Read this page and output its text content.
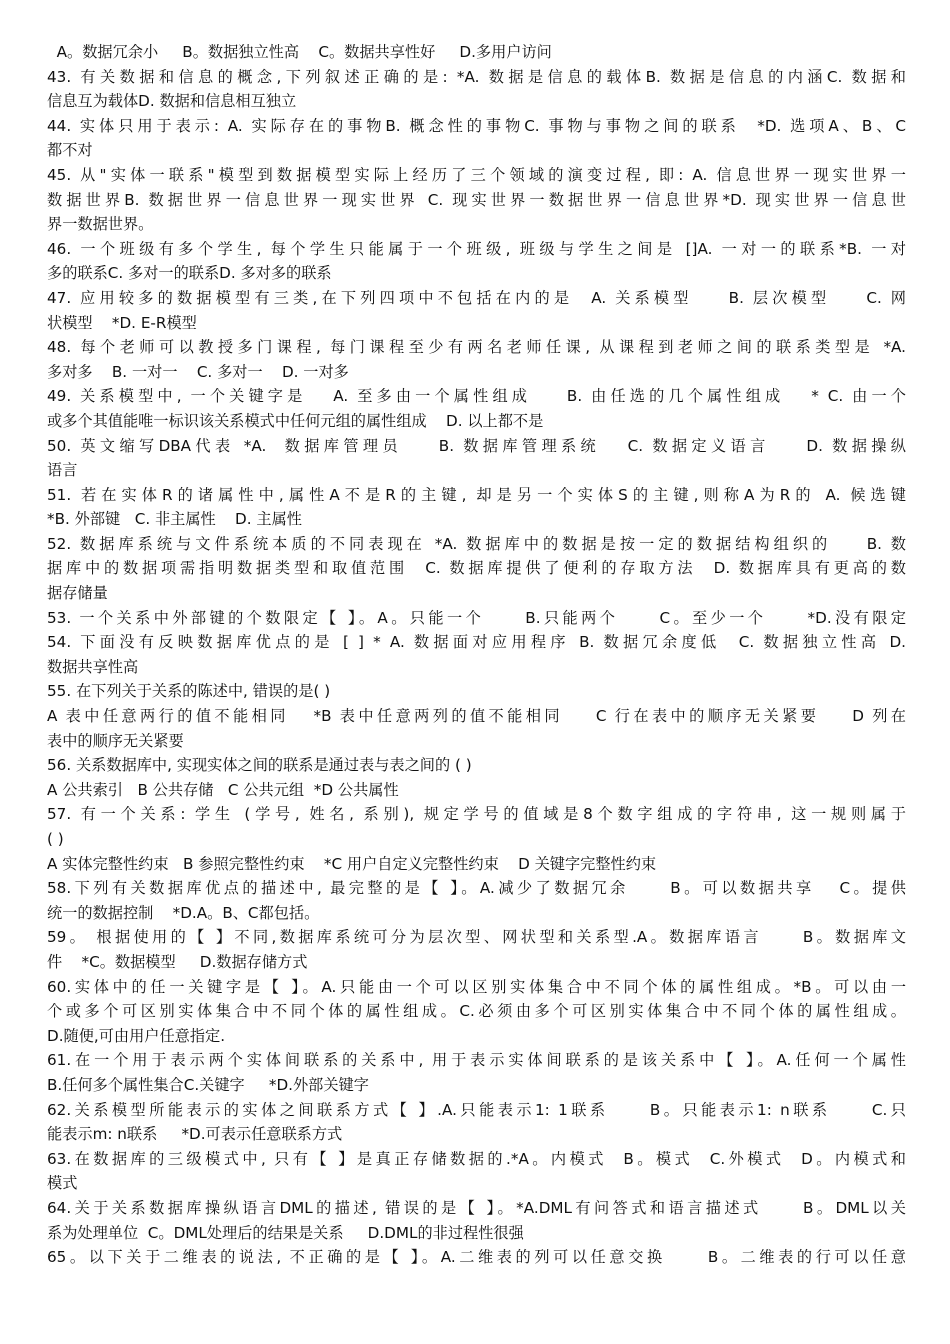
A。数据冗余小     B。数据独立性高    C。数据共享性好     D.多用户访问
43. 有关数据和信息的概念,下列叙述正确的是: *A. 数据是信息的载体B. 数据是信息的内涵C. 数据和
信息互为载体D. 数据和信息相互独立
44. 实体只用于表示: A. 实际存在的事物B. 概念性的事物C. 事物与事物之间的联系  *D. 选项A、B、C
都不对
45. 从"实体一联系"模型到数据模型实际上经历了三个领域的演变过程, 即: A. 信息世界一现实世界一
数据世界B. 数据世界一信息世界一现实世界 C. 现实世界一数据世界一信息世界*D. 现实世界一信息世
界一数据世界。
46. 一个班级有多个学生, 每个学生只能属于一个班级, 班级与学生之间是 []A. 一对一的联系*B. 一对
多的联系C. 多对一的联系D. 多对多的联系
47. 应用较多的数据模型有三类,在下列四项中不包括在内的是  A. 关系模型    B. 层次模型    C. 网
状模型    *D. E-R模型
48. 每个老师可以教授多门课程, 每门课程至少有两名老师任课, 从课程到老师之间的联系类型是 *A.
多对多    B. 一对一    C. 多对一    D. 一对多
49. 关系模型中, 一个关键字是   A. 至多由一个属性组成    B. 由任选的几个属性组成   * C. 由一个
或多个其值能唯一标识该关系模式中任何元组的属性组成    D. 以上都不是
50. 英文缩写DBA代表 *A.  数据库管理员    B. 数据库管理系统   C. 数据定义语言    D. 数据操纵
语言
51. 若在实体R的诸属性中,属性A不是R的主键, 却是另一个实体S的主键,则称A为R的 A. 候选键
*B. 外部键   C. 非主属性    D. 主属性
52. 数据库系统与文件系统本质的不同表现在 *A. 数据库中的数据是按一定的数据结构组织的    B. 数
据库中的数据项需指明数据类型和取值范围  C. 数据库提供了便利的存取方法  D. 数据库具有更高的数
据存储量
53. 一个关系中外部键的个数限定【 】。A。只能一个     B.只能两个     C。至少一个     *D.没有限定
54. 下面没有反映数据库优点的是 [ ] * A. 数据面对应用程序 B. 数据冗余度低  C. 数据独立性高 D.
数据共享性高
55. 在下列关于关系的陈述中, 错误的是( )
A 表中任意两行的值不能相同   *B 表中任意两列的值不能相同    C 行在表中的顺序无关紧要    D 列在
表中的顺序无关紧要
56. 关系数据库中, 实现实体之间的联系是通过表与表之间的 ( )
A 公共索引   B 公共存储   C 公共元组  *D 公共属性
57. 有一个关系: 学生 (学号, 姓名, 系别), 规定学号的值域是8个数字组成的字符串, 这一规则属于
( )
A 实体完整性约束   B 参照完整性约束    *C 用户自定义完整性约束    D 关键字完整性约束
58.下列有关数据库优点的描述中, 最完整的是【 】。A.减少了数据冗余     B。可以数据共享   C。提供
统一的数据控制    *D.A。B、C都包括。
59。 根据使用的【 】不同,数据库系统可分为层次型、网状型和关系型.A。数据库语言     B。数据库文
件    *C。数据模型     D.数据存储方式
60.实体中的任一关键字是【 】。A.只能由一个可以区别实体集合中不同个体的属性组成。*B。可以由一
个或多个可区别实体集合中不同个体的属性组成。C.必须由多个可区别实体集合中不同个体的属性组成。
D.随便,可由用户任意指定.
61.在一个用于表示两个实体间联系的关系中, 用于表示实体间联系的是该关系中【 】。A.任何一个属性
B.任何多个属性集合C.关键字     *D.外部关键字
62.关系模型所能表示的实体之间联系方式【 】.A.只能表示1: 1联系     B。只能表示1: n联系     C.只
能表示m: n联系     *D.可表示任意联系方式
63.在数据库的三级模式中, 只有【 】是真正存储数据的.*A。内模式  B。模式  C.外模式  D。内模式和
模式
64.关于关系数据库操纵语言DML的描述, 错误的是【 】。*A.DML有问答式和语言描述式     B。DML以关
系为处理单位  C。DML处理后的结果是关系     D.DML的非过程性很强
65。以下关于二维表的说法, 不正确的是【 】。A.二维表的列可以任意交换     B。二维表的行可以任意
